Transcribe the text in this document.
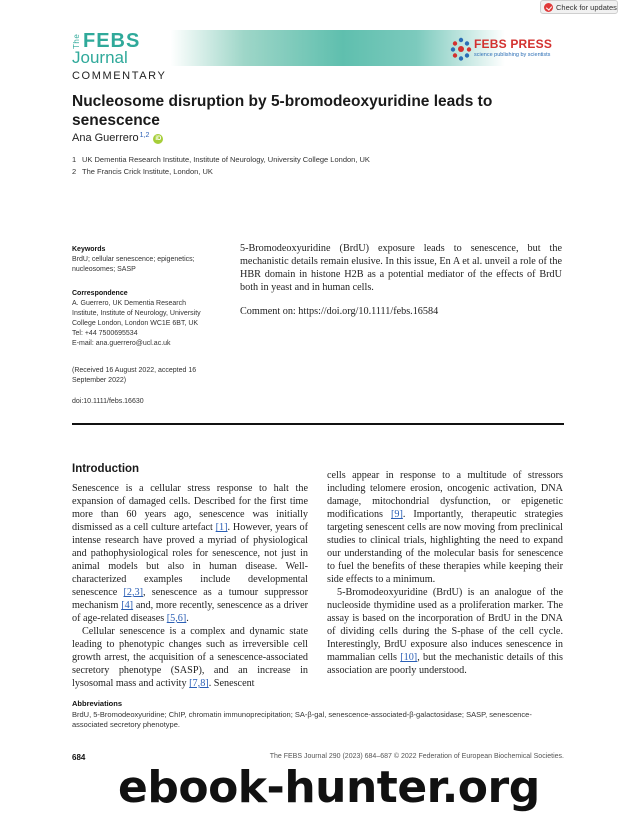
Check for updates
The FEBS
Journal
FEBS PRESS
science publishing by scientists
COMMENTARY
Nucleosome disruption by 5-bromodeoxyuridine leads to senescence
Ana Guerrero$^{1,2}$	iD
1 UK Dementia Research Institute, Institute of Neurology, University College London, UK
2 The Francis Crick Institute, London, UK
Keywords
BrdU; cellular senescence; epigenetics; nucleosomes; SASP
Correspondence
A. Guerrero, UK Dementia Research
Institute, Institute of Neurology, University
College London, London WC1E 6BT, UK
Tel: +44 7500695534
E-mail: ana.guerrero@ucl.ac.uk
(Received 16 August 2022, accepted 16 September 2022)
doi:10.1111/febs.16630
5-Bromodeoxyuridine (BrdU) exposure leads to senescence, but the mechanistic details remain elusive. In this issue, En A et al. unveil a role of the HBR domain in histone H2B as a potential mediator of the effects of BrdU both in yeast and in human cells.
Comment on: https://doi.org/10.1111/febs.16584
Introduction

Senescence is a cellular stress response to halt the expansion of damaged cells. Described for the first time more than 60 years ago, senescence was initially dismissed as a cell culture artefact [1]. However, years of intense research have proved a myriad of physiological and pathophysiological roles for senescence, not just in animal models but also in human disease. Well-characterized examples include developmental senescence [2,3], senescence as a tumour suppressor mechanism [4] and, more recently, senescence as a driver of age-related diseases [5,6].

Cellular senescence is a complex and dynamic state leading to phenotypic changes such as irreversible cell growth arrest, the acquisition of a senescence-associated secretory phenotype (SASP), and an increase in lysosomal mass and activity [7,8]. Senescent

cells appear in response to a multitude of stressors including telomere erosion, oncogenic activation, DNA damage, mitochondrial dysfunction, or epigenetic modifications [9]. Importantly, therapeutic strategies targeting senescent cells are now moving from preclinical studies to clinical trials, highlighting the need to expand our understanding of the molecular basis for senescence to fuel the benefits of these therapies while keeping their side effects to a minimum.

5-Bromodeoxyuridine (BrdU) is an analogue of the nucleoside thymidine used as a proliferation marker. The assay is based on the incorporation of BrdU in the DNA of dividing cells during the S-phase of the cell cycle. Interestingly, BrdU exposure also induces senescence in mammalian cells [10], but the mechanistic details of this association are poorly understood.

Abbreviations
BrdU, 5-Bromodeoxyuridine; ChIP, chromatin immunoprecipitation; SA-β-gal, senescence-associated-β-galactosidase; SASP, senescence-associated secretory phenotype.
684	The FEBS Journal 290 (2023) 684–687 © 2022 Federation of European Biochemical Societies.
ebook-hunter.org
